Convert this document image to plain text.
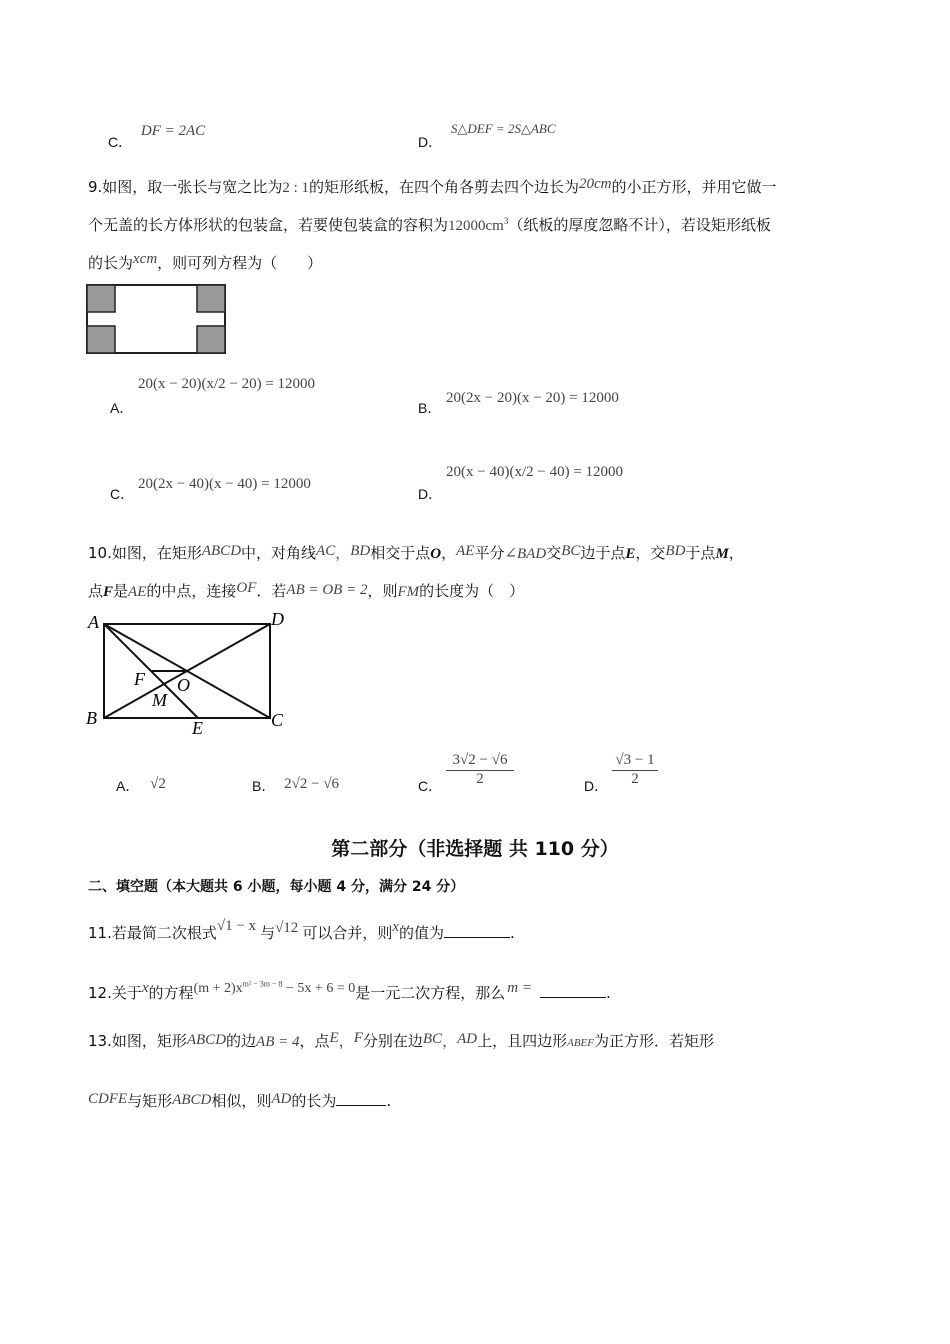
C． DF = 2AC
D． S△DEF = 2S△ABC
9.如图，取一张长与宽之比为2 : 1的矩形纸板，在四个角各剪去四个边长为20cm的小正方形，并用它做一
个无盖的长方体形状的包装盒，若要使包装盒的容积为$12000cm^3$（纸板的厚度忽略不计），若设矩形纸板
的长为xcm，则可列方程为（　　）
A．
20(x − 20)(x/2 − 20) = 12000
B．
20(2x − 20)(x − 20) = 12000
C．
20(2x − 40)(x − 40) = 12000
D．
20(x − 40)(x/2 − 40) = 12000
10.如图，在矩形ABCD中，对角线AC，BD相交于点O，AE平分∠BAD交BC边于点E，交BD于点M，
点F是AE的中点，连接OF．若AB = OB = 2，则FM的长度为（　）
A	D
B	C
F O
M
E
A． √2	B． 2√2 − √6	C． $\frac{3√2 - √6}{2}$	D． $\frac{√3 - 1}{2}$
第二部分（非选择题 共 110 分）
二、填空题（本大题共 6 小题，每小题 4 分，满分 24 分）
11.若最简二次根式√1 − x 与√12 可以合并，则x的值为	.
12.关于x的方程$(m + 2)x^{m^2 - 3m - 8} - 5x + 6 = 0$是一元二次方程，那么 m =	.
13.如图，矩形ABCD的边AB = 4，点E，F分别在边BC，AD上，且四边形ABEF为正方形．若矩形
CDFE与矩形ABCD相似，则AD的长为	.
